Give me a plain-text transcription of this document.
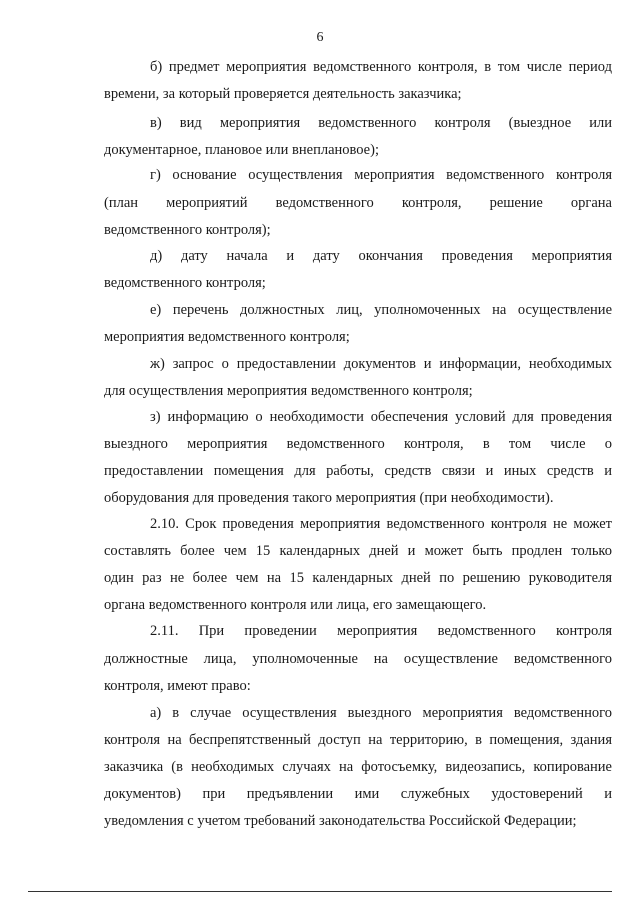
6
б) предмет мероприятия ведомственного контроля, в том числе период
времени, за который проверяется деятельность заказчика;
в) вид мероприятия ведомственного контроля (выездное или
документарное, плановое или внеплановое);
г) основание осуществления мероприятия ведомственного контроля
(план мероприятий ведомственного контроля, решение органа
ведомственного контроля);
д) дату начала и дату окончания проведения мероприятия
ведомственного контроля;
е) перечень должностных лиц, уполномоченных на осуществление
мероприятия ведомственного контроля;
ж) запрос о предоставлении документов и информации, необходимых
для осуществления мероприятия ведомственного контроля;
з) информацию о необходимости обеспечения условий для проведения
выездного мероприятия ведомственного контроля, в том числе о
предоставлении помещения для работы, средств связи и иных средств и
оборудования для проведения такого мероприятия (при необходимости).
2.10. Срок проведения мероприятия ведомственного контроля не может
составлять более чем 15 календарных дней и может быть продлен только
один раз не более чем на 15 календарных дней по решению руководителя
органа ведомственного контроля или лица, его замещающего.
2.11. При проведении мероприятия ведомственного контроля
должностные лица, уполномоченные на осуществление ведомственного
контроля, имеют право:
а) в случае осуществления выездного мероприятия ведомственного
контроля на беспрепятственный доступ на территорию, в помещения, здания
заказчика (в необходимых случаях на фотосъемку, видеозапись, копирование
документов) при предъявлении ими служебных удостоверений и
уведомления с учетом требований законодательства Российской Федерации;
